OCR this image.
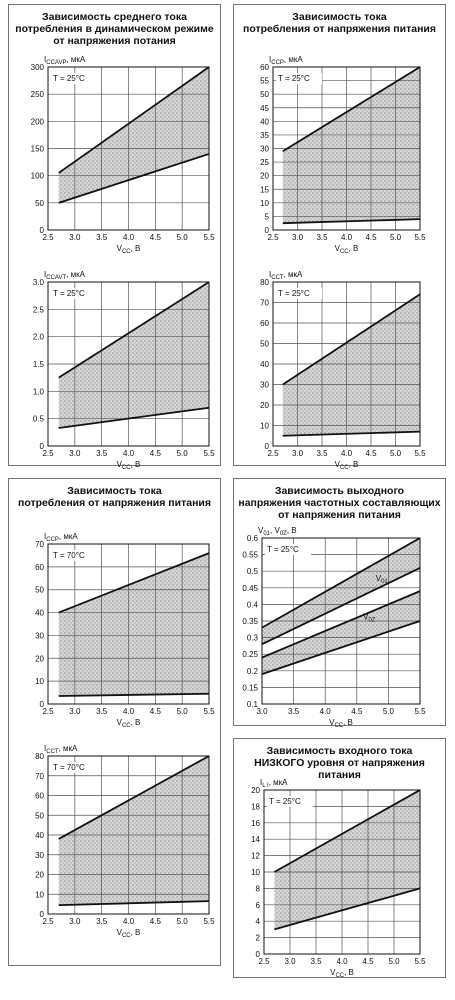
Зависимость среднего тока
потребления в динамическом режиме
от напряжения потания
Зависимость тока
потребления от напряжения питания
Зависимость тока
потребления от напряжения питания
Зависимость выходного
напряжения частотных составляющих
от напряжения питания
Зависимость входного тока
НИЗКОГО уровня от напряжения
питания
2.5 3.0 3.5 4.0 4.5 5.0 5.5
0
50
100
150
200
250
300
$I_{CCAVP}$, мкА
$V_{CC}$, В
T = 25°C
2.5 3.0 3.5 4.0 4.5 5.0 5.5
0
5
10
15
20
25
30
35
40
45
50
55
60
$I_{CCP}$, мкА
$V_{CC}$, В
T = 25°C
2.5 3.0 3.5 4.0 4.5 5.0 5.5
0
0.5
1.0
1.5
2.0
2.5
3.0
$I_{CCAVT}$, мкА
$V_{CC}$, В
T = 25°C
2.5 3.0 3.5 4.0 4.5 5.0 5.5
0
10
20
30
40
50
60
70
80
$I_{CCT}$, мкА
$V_{CC}$, В
T = 25°C
2.5 3.0 3.5 4.0 4.5 5.0 5.5
0
10
20
30
40
50
60
70
$I_{CCP}$, мкА
$V_{CC}$, В
T = 70°C
3.0	3.5	4.0	4.5	5.0	5.5
0.1
0.15
0.2
0.25
0.3
0.35
0.4
0.45
0.5
0.55
0.6
$V_{01}$, $V_{0Z}$, В
$V_{CC}$, В
T = 25°C
$V_{01}$
$V_{0Z}$
2.5 3.0 3.5 4.0 4.5 5.0 5.5
0
10
20
30
40
50
60
70
80
$I_{CCT}$, мкА
$V_{CC}$, В
T = 70°C
2.5 3.0 3.5 4.0 4.5 5.0 5.5
0
2
4
6
8
10
12
14
16
18
20
$I_{L I}$, мкА
$V_{CC}$, В
T = 25°C
